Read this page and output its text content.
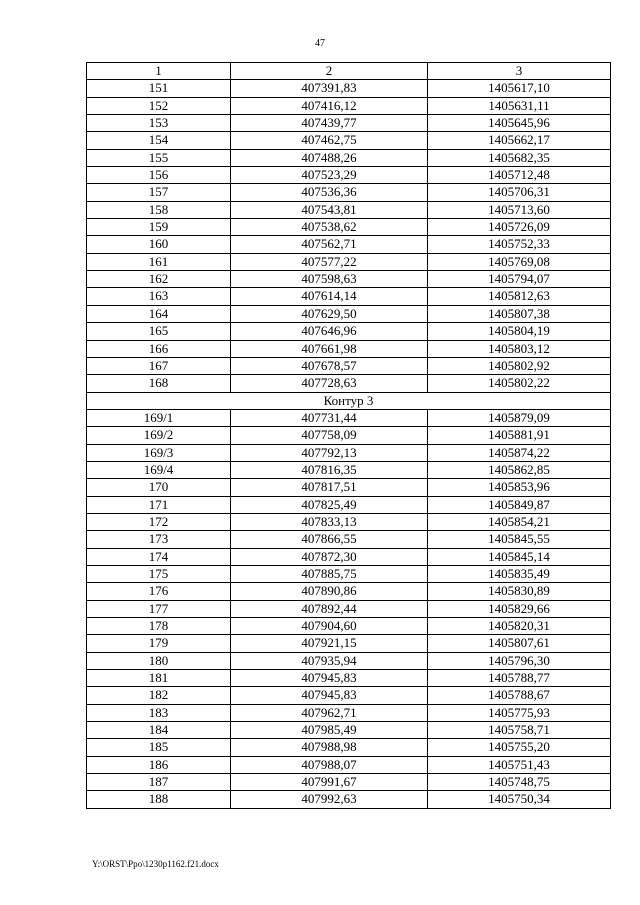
47
1	2	3
151	407391,83	1405617,10
152	407416,12	1405631,11
153	407439,77	1405645,96
154	407462,75	1405662,17
155	407488,26	1405682,35
156	407523,29	1405712,48
157	407536,36	1405706,31
158	407543,81	1405713,60
159	407538,62	1405726,09
160	407562,71	1405752,33
161	407577,22	1405769,08
162	407598,63	1405794,07
163	407614,14	1405812,63
164	407629,50	1405807,38
165	407646,96	1405804,19
166	407661,98	1405803,12
167	407678,57	1405802,92
168	407728,63	1405802,22
Контур 3		
169/1	407731,44	1405879,09
169/2	407758,09	1405881,91
169/3	407792,13	1405874,22
169/4	407816,35	1405862,85
170	407817,51	1405853,96
171	407825,49	1405849,87
172	407833,13	1405854,21
173	407866,55	1405845,55
174	407872,30	1405845,14
175	407885,75	1405835,49
176	407890,86	1405830,89
177	407892,44	1405829,66
178	407904,60	1405820,31
179	407921,15	1405807,61
180	407935,94	1405796,30
181	407945,83	1405788,77
182	407945,83	1405788,67
183	407962,71	1405775,93
184	407985,49	1405758,71
185	407988,98	1405755,20
186	407988,07	1405751,43
187	407991,67	1405748,75
188	407992,63	1405750,34
Y:\ORST\Ppo\1230p1162.f21.docx
